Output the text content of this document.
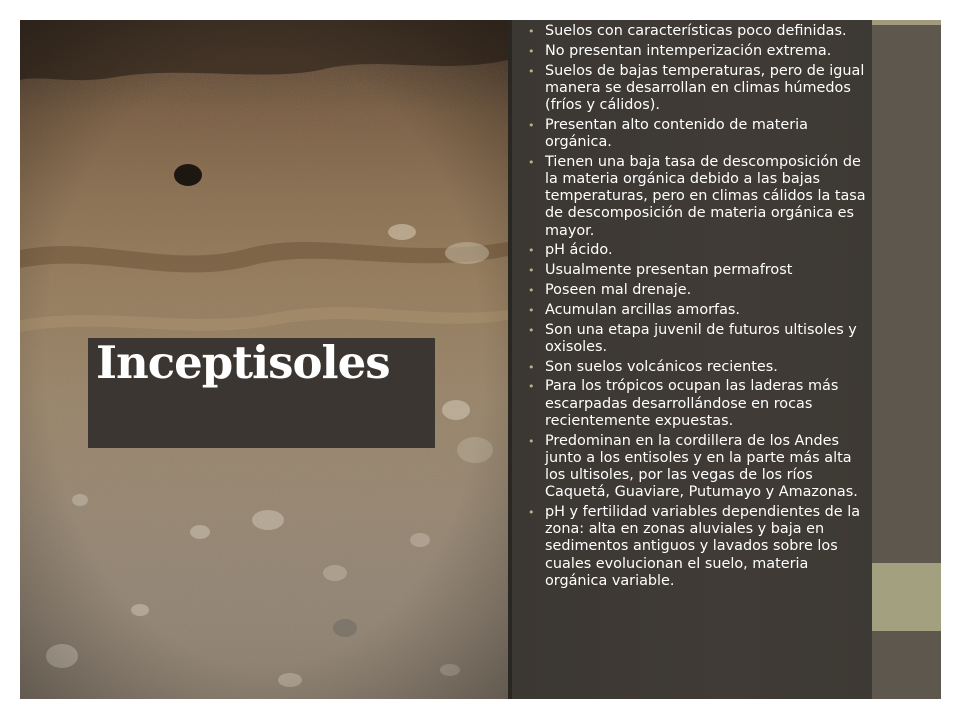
Inceptisoles
• Suelos con características poco definidas.
• No presentan intemperización extrema.
• Suelos de bajas temperaturas, pero de igual manera se desarrollan en climas húmedos (fríos y cálidos).
• Presentan alto contenido de materia orgánica.
• Tienen una baja tasa de descomposición de la materia orgánica debido a las bajas temperaturas, pero en climas cálidos la tasa de descomposición de materia orgánica es mayor.
• pH ácido.
• Usualmente presentan permafrost
• Poseen mal drenaje.
• Acumulan arcillas amorfas.
• Son una etapa juvenil de futuros ultisoles y oxisoles.
• Son suelos volcánicos recientes.
• Para los trópicos ocupan las laderas más escarpadas desarrollándose en rocas recientemente expuestas.
• Predominan en la cordillera de los Andes junto a los entisoles y en la parte más alta los ultisoles, por las vegas de los ríos Caquetá, Guaviare, Putumayo y Amazonas.
• pH y fertilidad variables dependientes de la zona: alta en zonas aluviales y baja en sedimentos antiguos y lavados sobre los cuales evolucionan el suelo, materia orgánica variable.
